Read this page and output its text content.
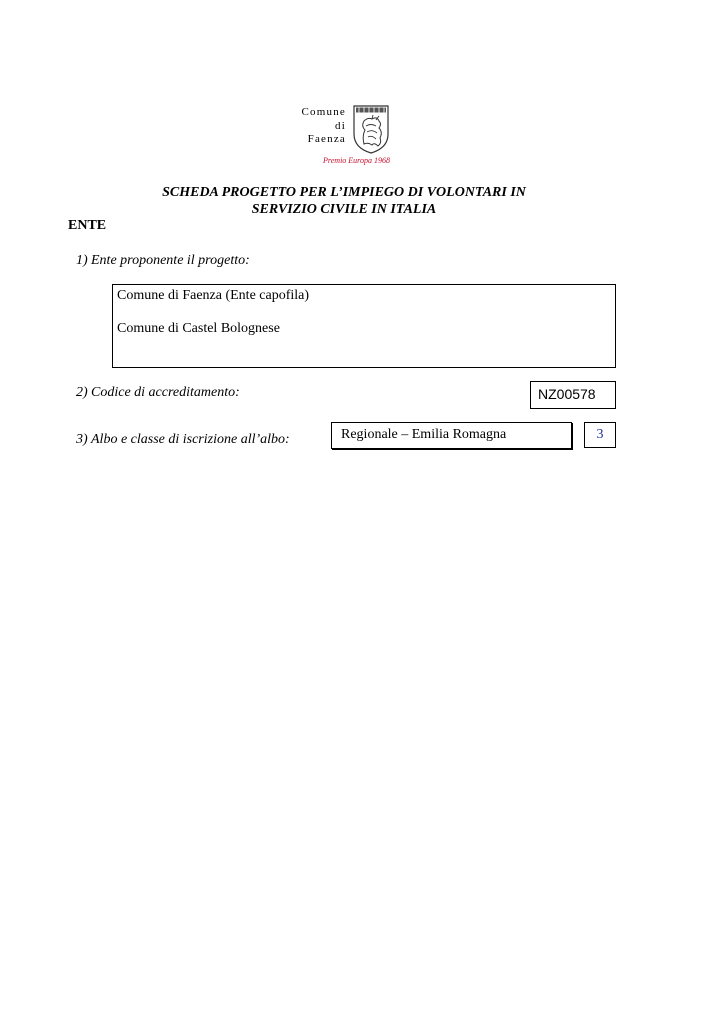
Comune
di
Faenza
Premio Europa 1968
SCHEDA PROGETTO PER L’IMPIEGO DI VOLONTARI IN
SERVIZIO CIVILE IN ITALIA
ENTE
1) Ente proponente il progetto:
Comune di Faenza (Ente capofila)
Comune di Castel Bolognese
2) Codice di accreditamento:	NZ00578
3) Albo e classe di iscrizione all’albo:	Regionale – Emilia Romagna	3
